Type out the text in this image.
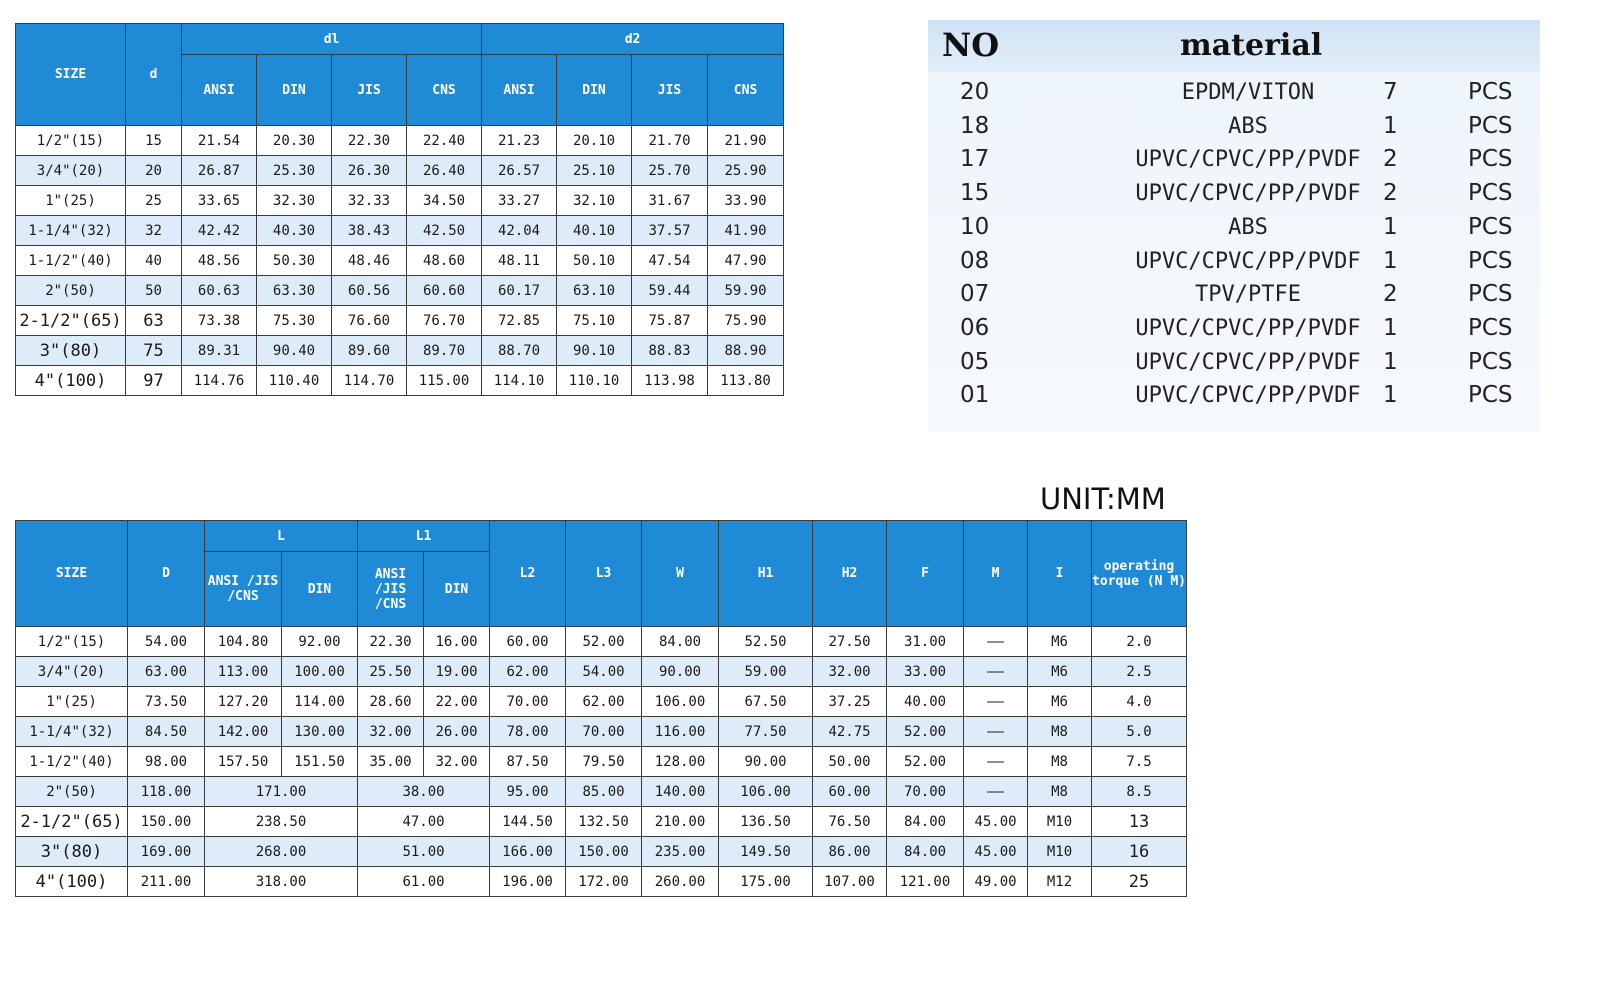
SIZE	d	dl				d2			
		ANSI	DIN	JIS	CNS	ANSI	DIN	JIS	CNS
1/2"(15)	15	21.54	20.30	22.30	22.40	21.23	20.10	21.70	21.90
3/4"(20)	20	26.87	25.30	26.30	26.40	26.57	25.10	25.70	25.90
1"(25)	25	33.65	32.30	32.33	34.50	33.27	32.10	31.67	33.90
1-1/4"(32)	32	42.42	40.30	38.43	42.50	42.04	40.10	37.57	41.90
1-1/2"(40)	40	48.56	50.30	48.46	48.60	48.11	50.10	47.54	47.90
2"(50)	50	60.63	63.30	60.56	60.60	60.17	63.10	59.44	59.90
2-1/2"(65)	63	73.38	75.30	76.60	76.70	72.85	75.10	75.87	75.90
3"(80)	75	89.31	90.40	89.60	89.70	88.70	90.10	88.83	88.90
4"(100)	97	114.76	110.40	114.70	115.00	114.10	110.10	113.98	113.80
NO	material
20	EPDM/VITON	7	PCS
18	ABS	1	PCS
17	UPVC/CPVC/PP/PVDF 2	PCS
15	UPVC/CPVC/PP/PVDF 2	PCS
10	ABS	1	PCS
08	UPVC/CPVC/PP/PVDF 1	PCS
07	TPV/PTFE	2	PCS
06	UPVC/CPVC/PP/PVDF 1	PCS
05	UPVC/CPVC/PP/PVDF 1	PCS
01	UPVC/CPVC/PP/PVDF 1	PCS
UNIT:MM
SIZE	D	L		L1		L2	L3	W	H1	H2	F	M	I	operating torque (N M)
		ANSI /JIS /CNS	DIN	ANSI /JIS /CNS	DIN									
1/2"(15)	54.00	104.80	92.00	22.30	16.00	60.00	52.00	84.00	52.50	27.50	31.00	——	M6	2.0
3/4"(20)	63.00	113.00	100.00	25.50	19.00	62.00	54.00	90.00	59.00	32.00	33.00	——	M6	2.5
1"(25)	73.50	127.20	114.00	28.60	22.00	70.00	62.00	106.00	67.50	37.25	40.00	——	M6	4.0
1-1/4"(32)	84.50	142.00	130.00	32.00	26.00	78.00	70.00	116.00	77.50	42.75	52.00	——	M8	5.0
1-1/2"(40)	98.00	157.50	151.50	35.00	32.00	87.50	79.50	128.00	90.00	50.00	52.00	——	M8	7.5
2"(50)	118.00	171.00		38.00		95.00	85.00	140.00	106.00	60.00	70.00	——	M8	8.5
2-1/2"(65)	150.00	238.50		47.00		144.50	132.50	210.00	136.50	76.50	84.00	45.00	M10	13
3"(80)	169.00	268.00		51.00		166.00	150.00	235.00	149.50	86.00	84.00	45.00	M10	16
4"(100)	211.00	318.00		61.00		196.00	172.00	260.00	175.00	107.00	121.00	49.00	M12	25
